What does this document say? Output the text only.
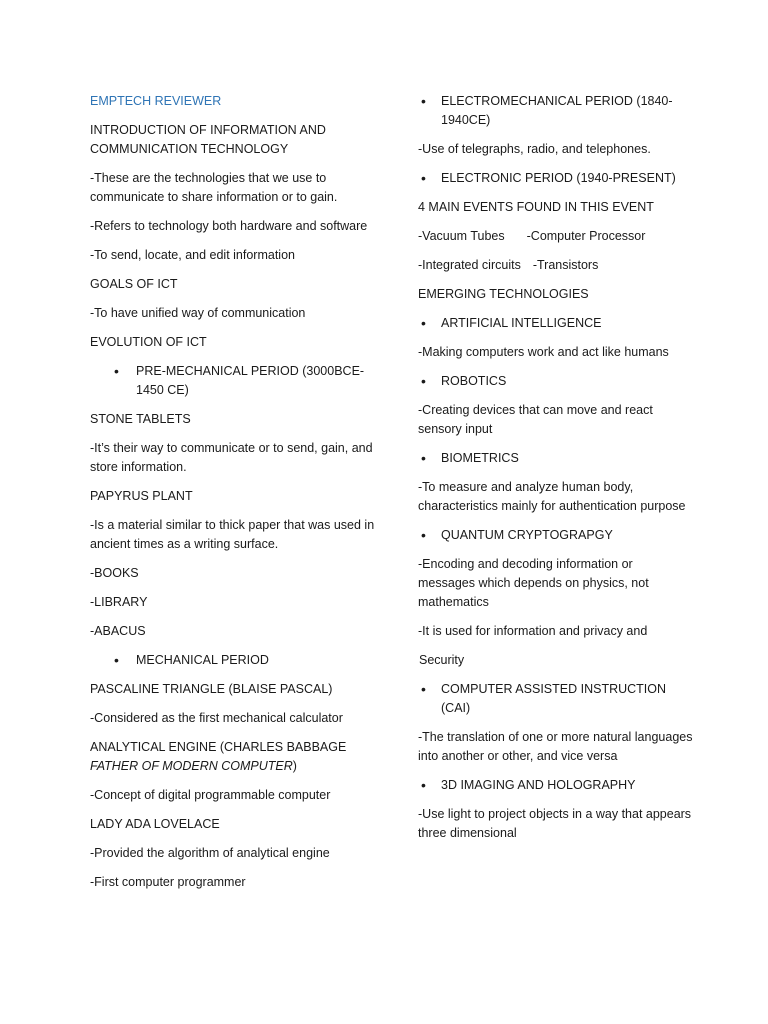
EMPTECH REVIEWER

INTRODUCTION OF INFORMATION AND COMMUNICATION TECHNOLOGY

-These are the technologies that we use to communicate to share information or to gain.

-Refers to technology both hardware and software

-To send, locate, and edit information

GOALS OF ICT

-To have unified way of communication

EVOLUTION OF ICT

• PRE-MECHANICAL PERIOD (3000BCE-1450 CE)

STONE TABLETS

-It’s their way to communicate or to send, gain, and store information.

PAPYRUS PLANT

-Is a material similar to thick paper that was used in ancient times as a writing surface.

-BOOKS

-LIBRARY

-ABACUS

• MECHANICAL PERIOD

PASCALINE TRIANGLE (BLAISE PASCAL)

-Considered as the first mechanical calculator

ANALYTICAL ENGINE (CHARLES BABBAGE FATHER OF MODERN COMPUTER)

-Concept of digital programmable computer

LADY ADA LOVELACE

-Provided the algorithm of analytical engine

-First computer programmer

• ELECTROMECHANICAL PERIOD (1840-1940CE)

-Use of telegraphs, radio, and telephones.

• ELECTRONIC PERIOD (1940-PRESENT)

4 MAIN EVENTS FOUND IN THIS EVENT

-Vacuum Tubes -Computer Processor

-Integrated circuits -Transistors

EMERGING TECHNOLOGIES

• ARTIFICIAL INTELLIGENCE

-Making computers work and act like humans

• ROBOTICS

-Creating devices that can move and react sensory input

• BIOMETRICS

-To measure and analyze human body, characteristics mainly for authentication purpose

• QUANTUM CRYPTOGRAPGY

-Encoding and decoding information or messages which depends on physics, not mathematics

-It is used for information and privacy and

Security

• COMPUTER ASSISTED INSTRUCTION (CAI)

-The translation of one or more natural languages into another or other, and vice versa

• 3D IMAGING AND HOLOGRAPHY

-Use light to project objects in a way that appears three dimensional
